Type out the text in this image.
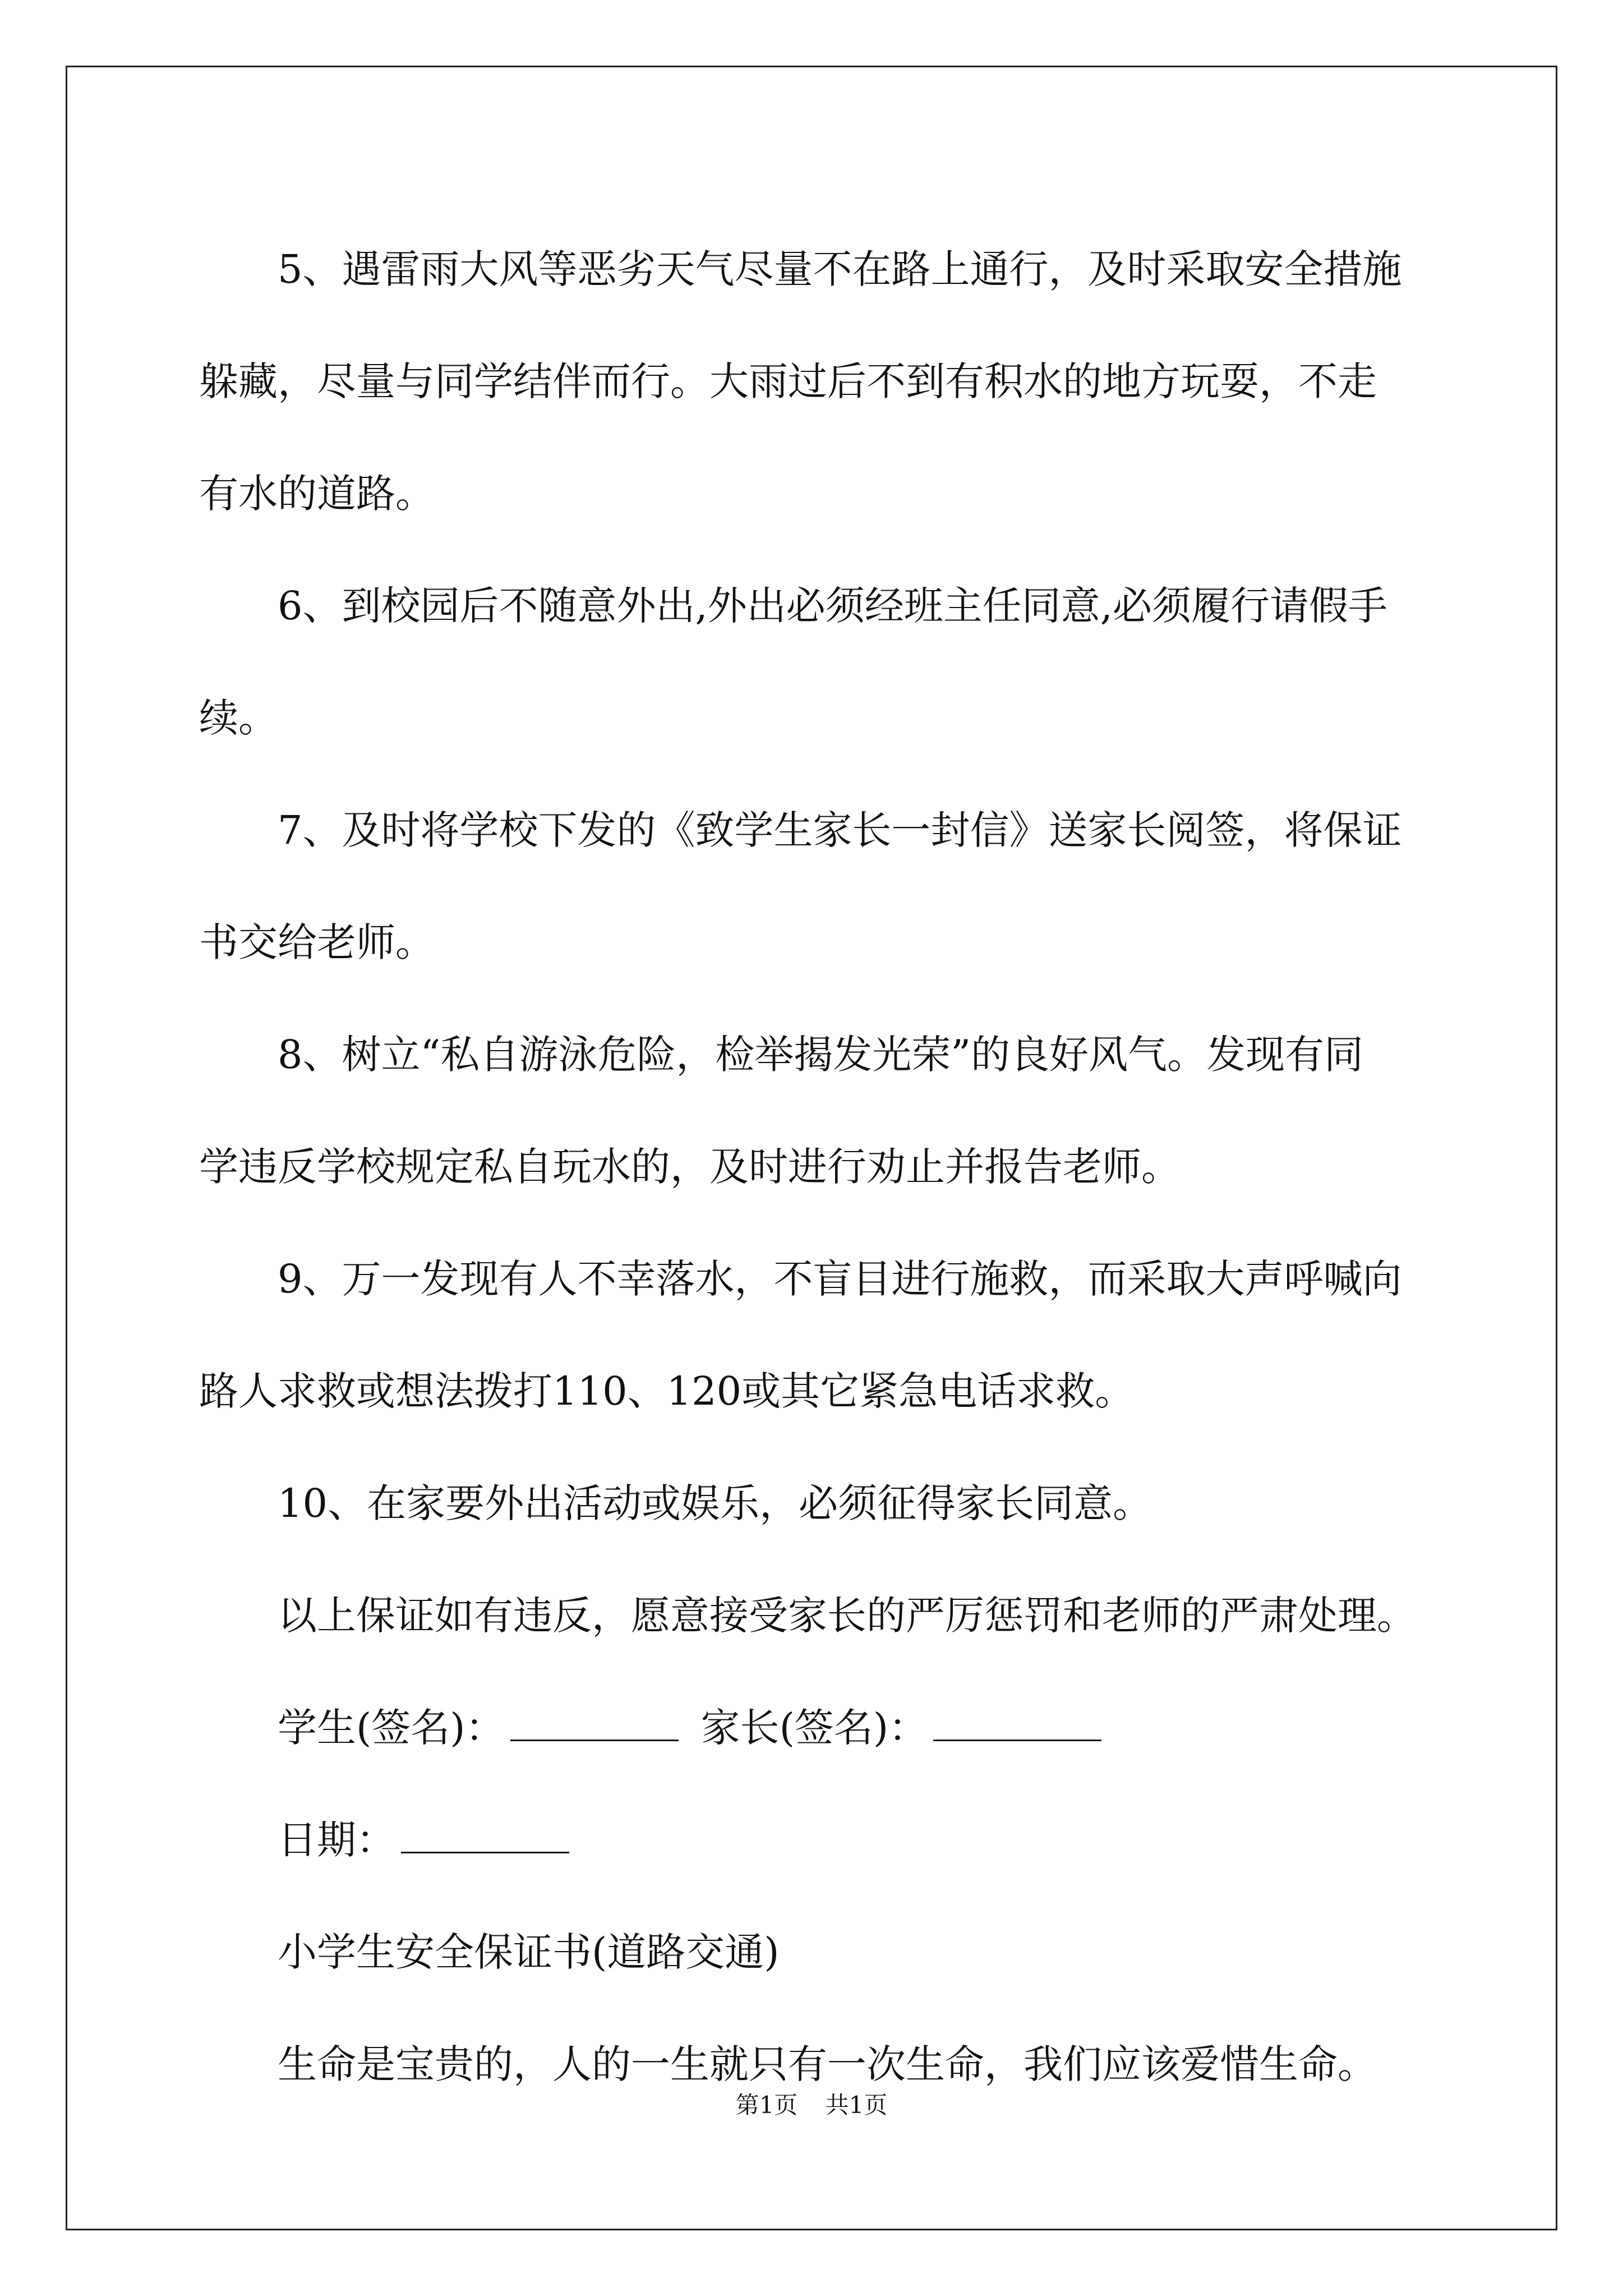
5、遇雷雨大风等恶劣天气尽量不在路上通行，及时采取安全措施
躲藏，尽量与同学结伴而行。大雨过后不到有积水的地方玩耍，不走
有水的道路。
6、到校园后不随意外出,外出必须经班主任同意,必须履行请假手
续。
7、及时将学校下发的《致学生家长一封信》送家长阅签，将保证
书交给老师。
8、树立“私自游泳危险，检举揭发光荣”的良好风气。发现有同
学违反学校规定私自玩水的，及时进行劝止并报告老师。
9、万一发现有人不幸落水，不盲目进行施救，而采取大声呼喊向
路人求救或想法拨打110、120或其它紧急电话求救。
10、在家要外出活动或娱乐，必须征得家长同意。
以上保证如有违反，愿意接受家长的严厉惩罚和老师的严肃处理。
学生(签名)：	家长(签名)：
日期：
小学生安全保证书(道路交通)
生命是宝贵的，人的一生就只有一次生命，我们应该爱惜生命。
第1页 共1页
